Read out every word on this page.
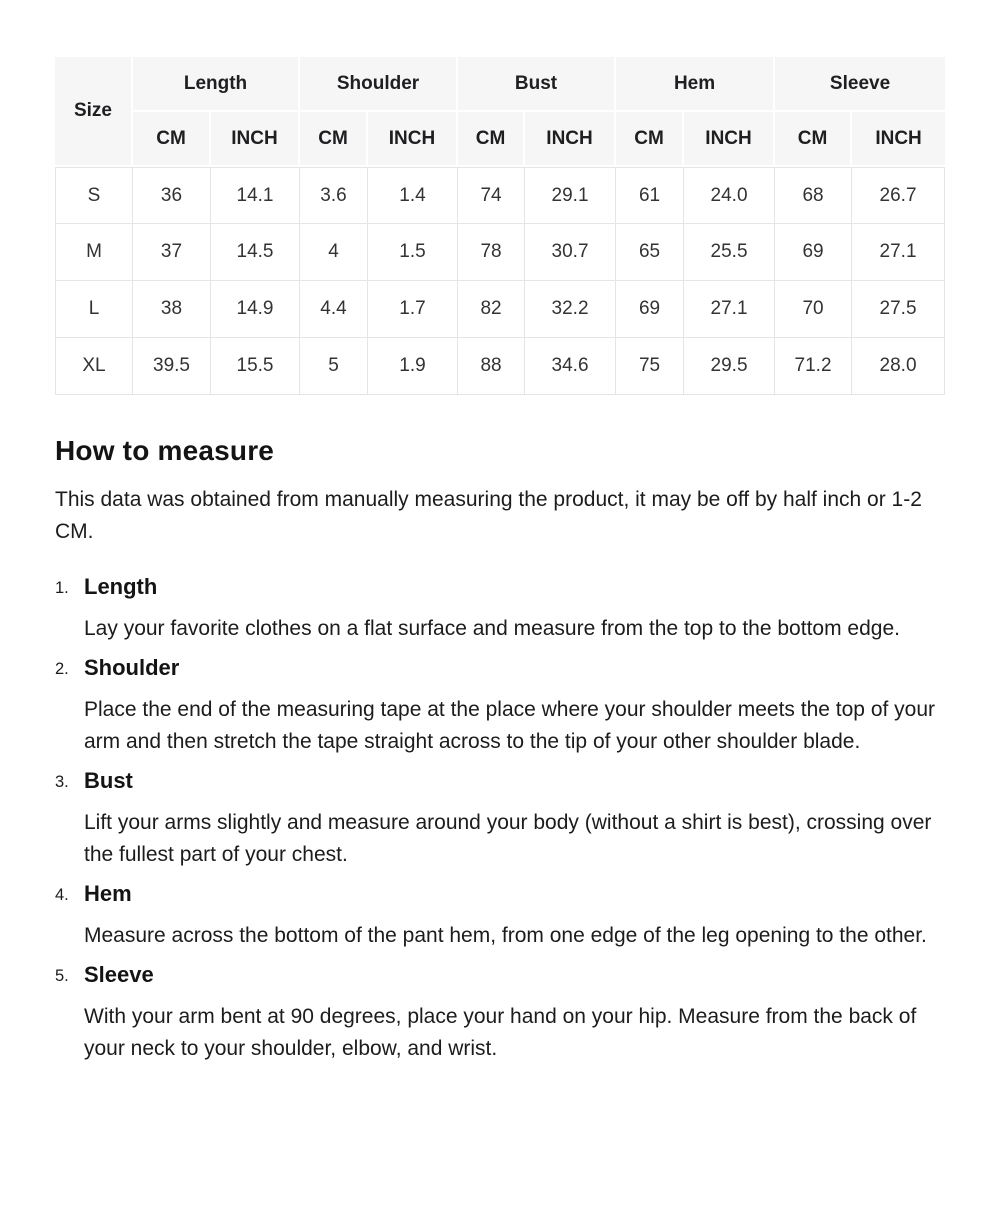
Size	Length		Shoulder		Bust		Hem		Sleeve	
	CM	INCH	CM	INCH	CM	INCH	CM	INCH	CM	INCH
S	36	14.1	3.6	1.4	74	29.1	61	24.0	68	26.7
M	37	14.5	4	1.5	78	30.7	65	25.5	69	27.1
L	38	14.9	4.4	1.7	82	32.2	69	27.1	70	27.5
XL	39.5	15.5	5	1.9	88	34.6	75	29.5	71.2	28.0
How to measure

This data was obtained from manually measuring the product, it may be off by half inch or 1-2 CM.

1. Length

Lay your favorite clothes on a flat surface and measure from the top to the bottom edge.

2. Shoulder

Place the end of the measuring tape at the place where your shoulder meets the top of your arm and then stretch the tape straight across to the tip of your other shoulder blade.

3. Bust

Lift your arms slightly and measure around your body (without a shirt is best), crossing over the fullest part of your chest.

4. Hem

Measure across the bottom of the pant hem, from one edge of the leg opening to the other.

5. Sleeve

With your arm bent at 90 degrees, place your hand on your hip. Measure from the back of your neck to your shoulder, elbow, and wrist.
